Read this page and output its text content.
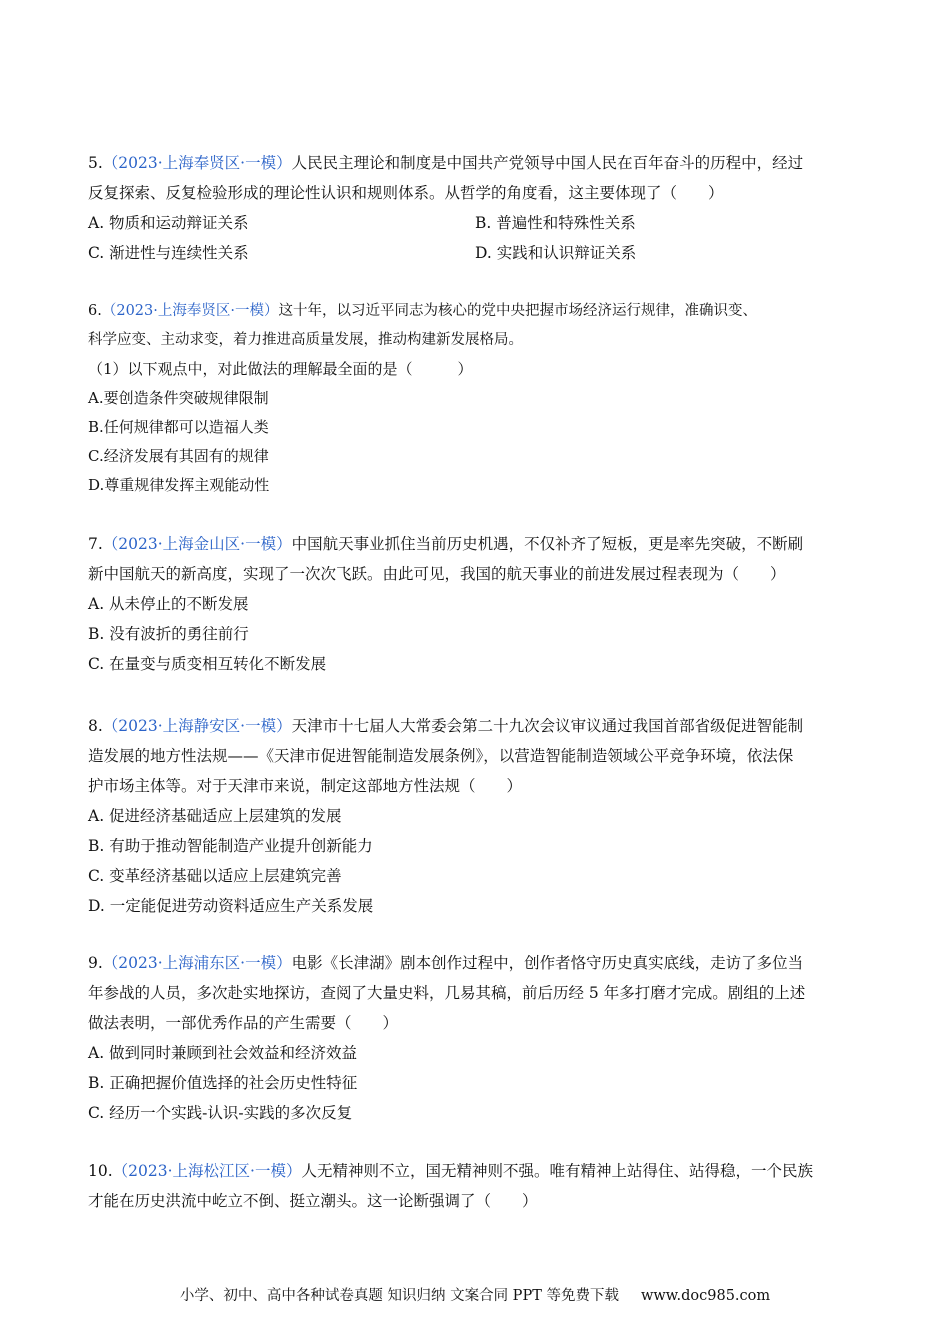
5.（2023·上海奉贤区·一模）人民民主理论和制度是中国共产党领导中国人民在百年奋斗的历程中，经过
反复探索、反复检验形成的理论性认识和规则体系。从哲学的角度看，这主要体现了（　　）
A. 物质和运动辩证关系	B. 普遍性和特殊性关系
C. 渐进性与连续性关系	D. 实践和认识辩证关系
6.（2023·上海奉贤区·一模）这十年，以习近平同志为核心的党中央把握市场经济运行规律，准确识变、
科学应变、主动求变，着力推进高质量发展，推动构建新发展格局。
（1）以下观点中，对此做法的理解最全面的是（　　　）
A.要创造条件突破规律限制
B.任何规律都可以造福人类
C.经济发展有其固有的规律
D.尊重规律发挥主观能动性
7.（2023·上海金山区·一模）中国航天事业抓住当前历史机遇，不仅补齐了短板，更是率先突破，不断刷
新中国航天的新高度，实现了一次次飞跃。由此可见，我国的航天事业的前进发展过程表现为（　　）
A. 从未停止的不断发展
B. 没有波折的勇往前行
C. 在量变与质变相互转化不断发展
8.（2023·上海静安区·一模）天津市十七届人大常委会第二十九次会议审议通过我国首部省级促进智能制
造发展的地方性法规——《天津市促进智能制造发展条例》，以营造智能制造领域公平竞争环境，依法保
护市场主体等。对于天津市来说，制定这部地方性法规（　　）
A. 促进经济基础适应上层建筑的发展
B. 有助于推动智能制造产业提升创新能力
C. 变革经济基础以适应上层建筑完善
D. 一定能促进劳动资料适应生产关系发展
9.（2023·上海浦东区·一模）电影《长津湖》剧本创作过程中，创作者恪守历史真实底线，走访了多位当
年参战的人员，多次赴实地探访，查阅了大量史料，几易其稿，前后历经 5 年多打磨才完成。剧组的上述
做法表明，一部优秀作品的产生需要（　　）
A. 做到同时兼顾到社会效益和经济效益
B. 正确把握价值选择的社会历史性特征
C. 经历一个实践-认识-实践的多次反复
10.（2023·上海松江区·一模）人无精神则不立，国无精神则不强。唯有精神上站得住、站得稳，一个民族
才能在历史洪流中屹立不倒、挺立潮头。这一论断强调了（　　）
小学、初中、高中各种试卷真题 知识归纳 文案合同 PPT 等免费下载 www.doc985.com
